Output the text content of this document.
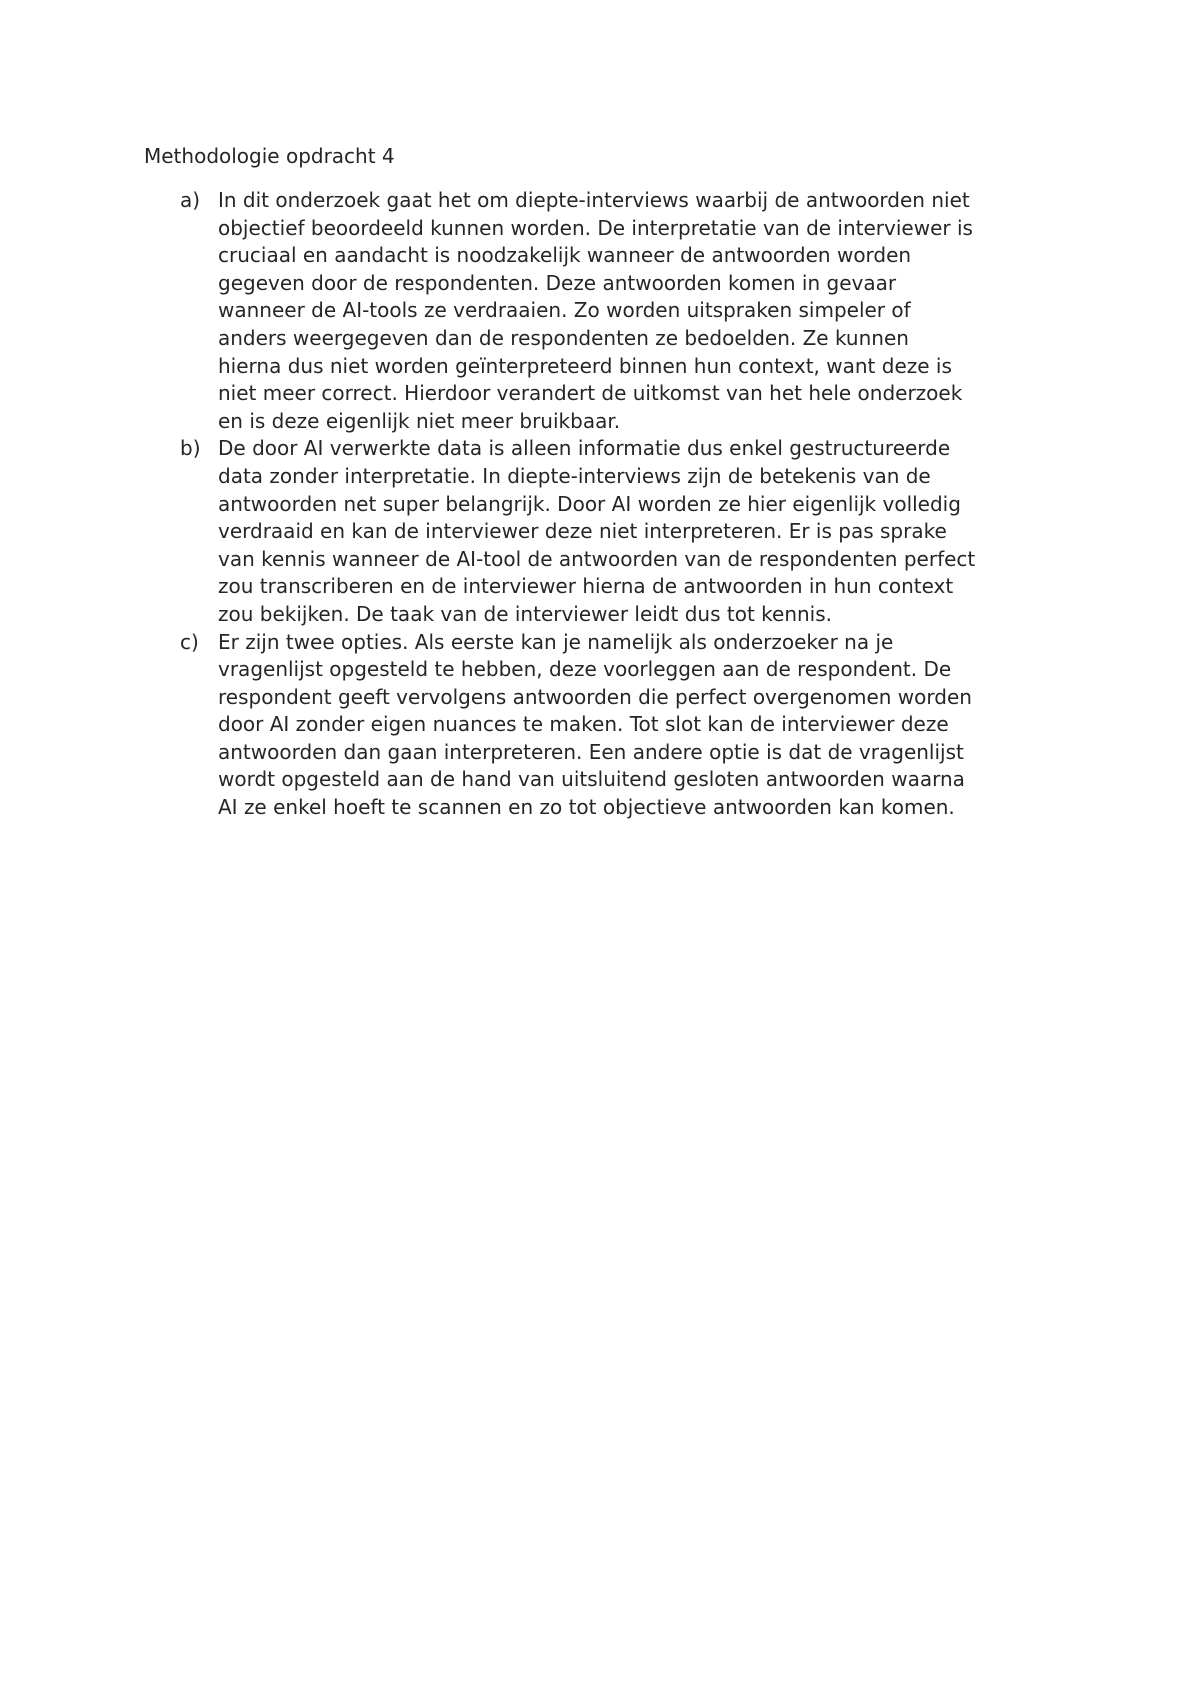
Methodologie opdracht 4
a) In dit onderzoek gaat het om diepte-interviews waarbij de antwoorden niet
objectief beoordeeld kunnen worden. De interpretatie van de interviewer is
cruciaal en aandacht is noodzakelijk wanneer de antwoorden worden
gegeven door de respondenten. Deze antwoorden komen in gevaar
wanneer de AI-tools ze verdraaien. Zo worden uitspraken simpeler of
anders weergegeven dan de respondenten ze bedoelden. Ze kunnen
hierna dus niet worden geïnterpreteerd binnen hun context, want deze is
niet meer correct. Hierdoor verandert de uitkomst van het hele onderzoek
en is deze eigenlijk niet meer bruikbaar.
b) De door AI verwerkte data is alleen informatie dus enkel gestructureerde
data zonder interpretatie. In diepte-interviews zijn de betekenis van de
antwoorden net super belangrijk. Door AI worden ze hier eigenlijk volledig
verdraaid en kan de interviewer deze niet interpreteren. Er is pas sprake
van kennis wanneer de AI-tool de antwoorden van de respondenten perfect
zou transcriberen en de interviewer hierna de antwoorden in hun context
zou bekijken. De taak van de interviewer leidt dus tot kennis.
c) Er zijn twee opties. Als eerste kan je namelijk als onderzoeker na je
vragenlijst opgesteld te hebben, deze voorleggen aan de respondent. De
respondent geeft vervolgens antwoorden die perfect overgenomen worden
door AI zonder eigen nuances te maken. Tot slot kan de interviewer deze
antwoorden dan gaan interpreteren. Een andere optie is dat de vragenlijst
wordt opgesteld aan de hand van uitsluitend gesloten antwoorden waarna
AI ze enkel hoeft te scannen en zo tot objectieve antwoorden kan komen.
